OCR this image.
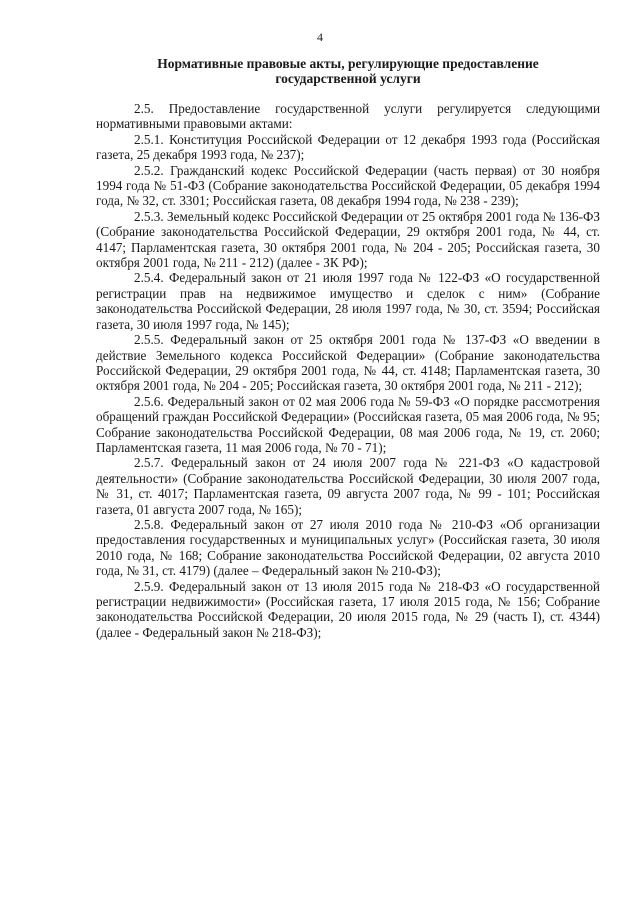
4
Нормативные правовые акты, регулирующие предоставление
государственной услуги

2.5. Предоставление государственной услуги регулируется следующими нормативными правовыми актами:

2.5.1. Конституция Российской Федерации от 12 декабря 1993 года (Российская газета, 25 декабря 1993 года, № 237);

2.5.2. Гражданский кодекс Российской Федерации (часть первая) от 30 ноября 1994 года № 51-ФЗ (Собрание законодательства Российской Федерации, 05 декабря 1994 года, № 32, ст. 3301; Российская газета, 08 декабря 1994 года, № 238 - 239);

2.5.3. Земельный кодекс Российской Федерации от 25 октября 2001 года № 136-ФЗ (Собрание законодательства Российской Федерации, 29 октября 2001 года, № 44, ст. 4147; Парламентская газета, 30 октября 2001 года, № 204 - 205; Российская газета, 30 октября 2001 года, № 211 - 212) (далее - ЗК РФ);

2.5.4. Федеральный закон от 21 июля 1997 года № 122-ФЗ «О государственной регистрации прав на недвижимое имущество и сделок с ним» (Собрание законодательства Российской Федерации, 28 июля 1997 года, № 30, ст. 3594; Российская газета, 30 июля 1997 года, № 145);

2.5.5. Федеральный закон от 25 октября 2001 года № 137-ФЗ «О введении в действие Земельного кодекса Российской Федерации» (Собрание законодательства Российской Федерации, 29 октября 2001 года, № 44, ст. 4148; Парламентская газета, 30 октября 2001 года, № 204 - 205; Российская газета, 30 октября 2001 года, № 211 - 212);

2.5.6. Федеральный закон от 02 мая 2006 года № 59-ФЗ «О порядке рассмотрения обращений граждан Российской Федерации» (Российская газета, 05 мая 2006 года, № 95; Собрание законодательства Российской Федерации, 08 мая 2006 года, № 19, ст. 2060; Парламентская газета, 11 мая 2006 года, № 70 - 71);

2.5.7. Федеральный закон от 24 июля 2007 года № 221-ФЗ «О кадастровой деятельности» (Собрание законодательства Российской Федерации, 30 июля 2007 года, № 31, ст. 4017; Парламентская газета, 09 августа 2007 года, № 99 - 101; Российская газета, 01 августа 2007 года, № 165);

2.5.8. Федеральный закон от 27 июля 2010 года № 210-ФЗ «Об организации предоставления государственных и муниципальных услуг» (Российская газета, 30 июля 2010 года, № 168; Собрание законодательства Российской Федерации, 02 августа 2010 года, № 31, ст. 4179) (далее – Федеральный закон № 210-ФЗ);

2.5.9. Федеральный закон от 13 июля 2015 года № 218-ФЗ «О государственной регистрации недвижимости» (Российская газета, 17 июля 2015 года, № 156; Собрание законодательства Российской Федерации, 20 июля 2015 года, № 29 (часть I), ст. 4344) (далее - Федеральный закон № 218-ФЗ);
